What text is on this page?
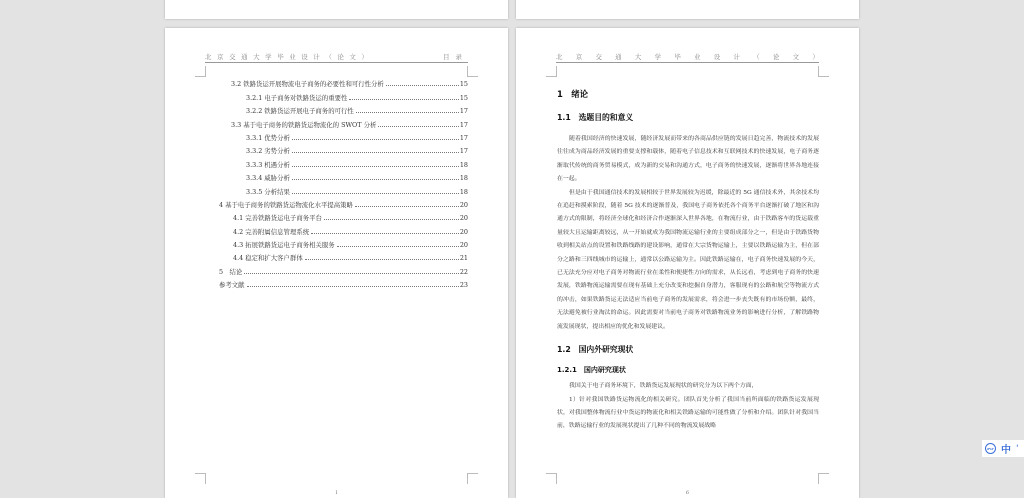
北 京 交 通 大 学 毕 业 设 计 （ 论 文 ）	目录
3.2 铁路货运开展物流电子商务的必要性和可行性分析	15
3.2.1 电子商务对铁路货运的重要性	15
3.2.2 铁路货运开展电子商务的可行性	17
3.3 基于电子商务的铁路货运物流化的 SWOT 分析	17
3.3.1 优势分析	17
3.3.2 劣势分析	17
3.3.3 机遇分析	18
3.3.4 威胁分析	18
3.3.5 分析结果	18
4 基于电子商务的铁路货运物流化水平提高策略	20
4.1 完善铁路货运电子商务平台	20
4.2 完善附属信息管理系统	20
4.3 拓展铁路货运电子商务相关服务	20
4.4 稳定和扩大客户群体	21
5　结论	22
参考文献	23
I
北 京 交 通 大 学 毕 业 设 计 （ 论 文 ）
1　绪论
1.1　选题目的和意义

随着我国经济的快速发展，随经济发展而带来的各商品供应链的发展日趋完善，物流技术的发展往往成为商品经济发展的重要支撑和载体，随着电子信息技术和互联网技术的快速发展，电子商务逐渐取代传统的商务贸易模式，成为新的交易和沟通方式，电子商务的快速发展，逐渐将世界各地连接在一起。

但是由于我国通信技术的发展相较于世界发展较为迟缓，除最近的 5G 通信技术外，其余技术均在追赶和摸索阶段，随着 5G 技术的逐渐普及，我国电子商务依托各个商务平台逐渐打破了地区和沟通方式的限制，将经济全球化和经济合作逐渐深入世界各地，在物流行业，由于铁路客车的货运载重量较大且运输距离较远，从一开始就成为我国物流运输行业的主要组成部分之一，但是由于铁路货物收到相关站点的设置和铁路线路的建设影响，通常在大宗货物运输上，主要以铁路运输为主，但在部分之路和三四线城市的运输上，通常以公路运输为主。因此铁路运输在，电子商务快速发展的今天，已无法充分应对电子商务对物流行业在柔性和便捷性方向的需求，从长远看，考虑到电子商务的快速发展，铁路物流运输需要在现有基础上充分改变和挖掘自身潜力，客服现有的公路和航空等物流方式的冲击，如果铁路货运无法适应当前电子商务的发展需求，将会进一步丧失既有的市场份额，最终，无法避免被行业淘汰的命运。因此需要对当前电子商务对铁路物流业务的影响进行分析，了解铁路物流发展现状，提出相应的优化和发展建议。

1.2　国内外研究现状
1.2.1　国内研究现状

我国关于电子商务环境下，铁路货运发展现状的研究分为以下两个方面，

1）针对我国铁路货运物流化的相关研究。团队首先分析了我国当前所面临的铁路货运发展现状，对我国整体物流行业中货运的物流化和相关铁路运输的可能性做了分析和介绍。团队针对我国当前，铁路运输行业的发展现状提出了几种不同的物流发展战略

6
iFLY 中 '
